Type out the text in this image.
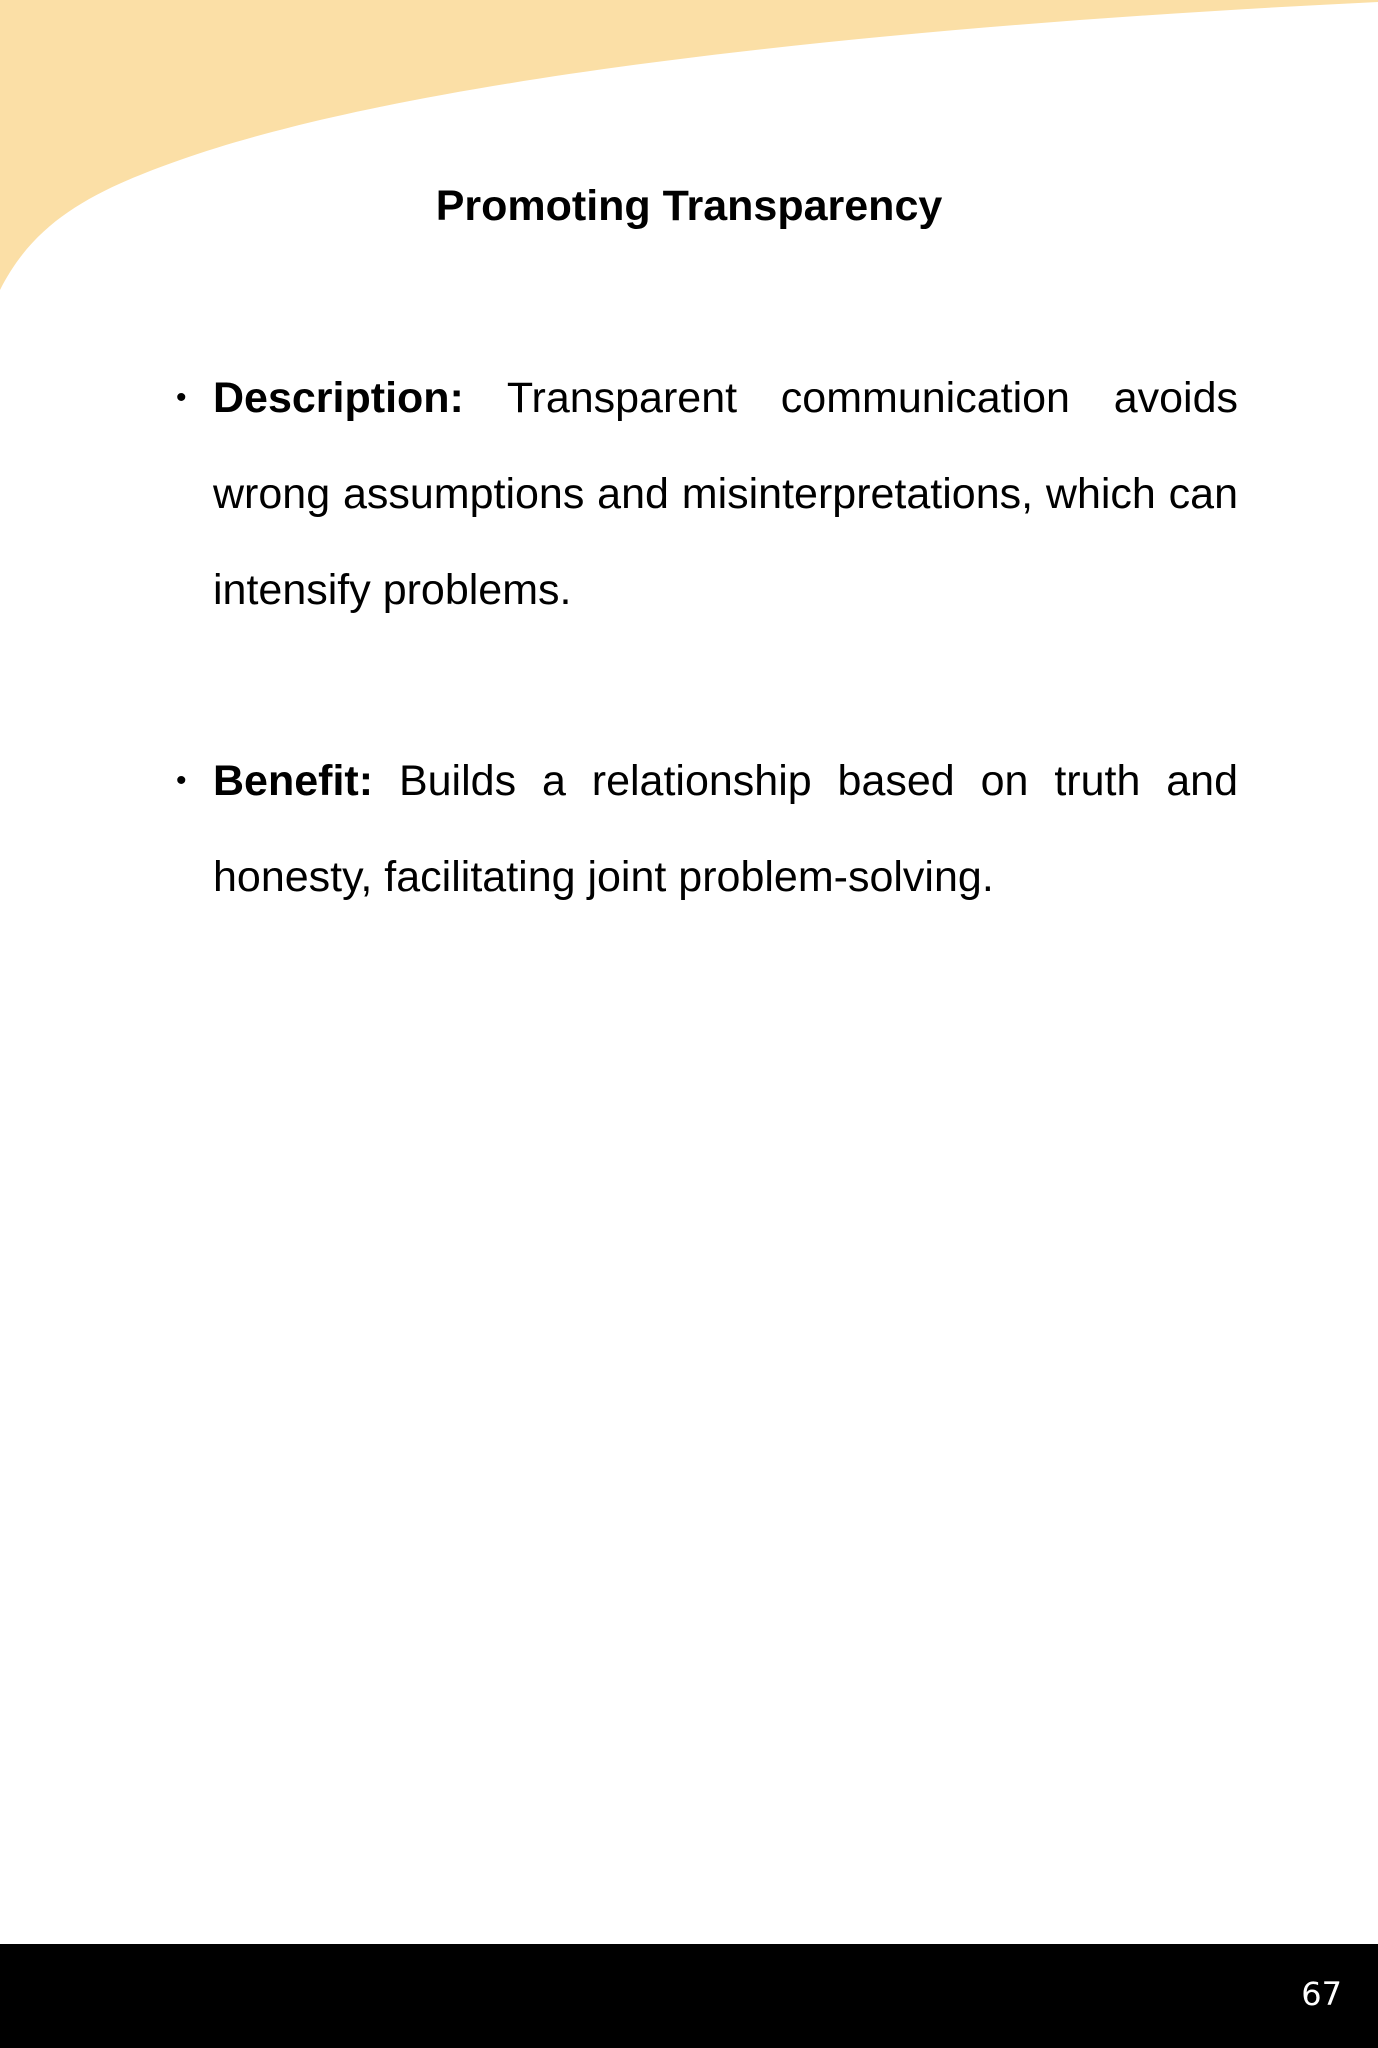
Promoting Transparency
• Description: Transparent communication avoids wrong assumptions and misinterpretations, which can intensify problems.
• Benefit: Builds a relationship based on truth and honesty, facilitating joint problem-solving.
67
